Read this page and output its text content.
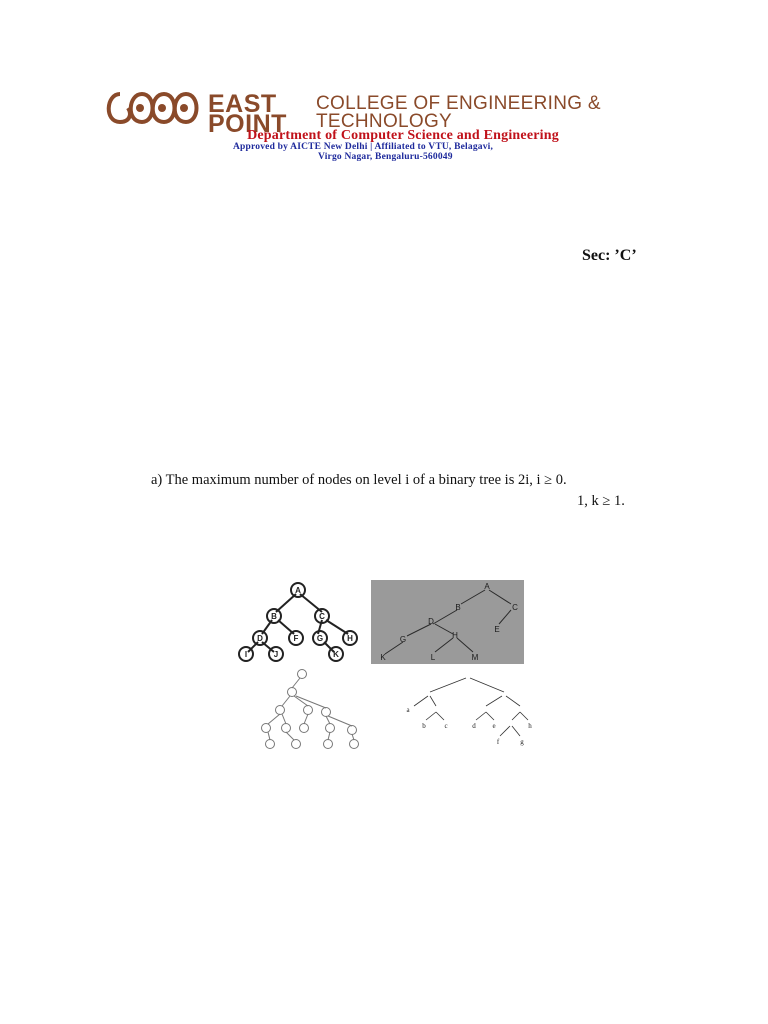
EAST
POINT
COLLEGE OF ENGINEERING &
TECHNOLOGY
Department of Computer Science and Engineering
Approved by AICTE New Delhi | Affiliated to VTU, Belagavi,
Virgo Nagar, Bengaluru-560049
Sec: ’C’
a) The maximum number of nodes on level i of a binary tree is 2i, i ≥ 0.
1, k ≥ 1.
A
B	C
D	F G	H
I	J	K
A
B	C
D
E
G	H
K	L	M
a
b	c	d e
f	g
h
